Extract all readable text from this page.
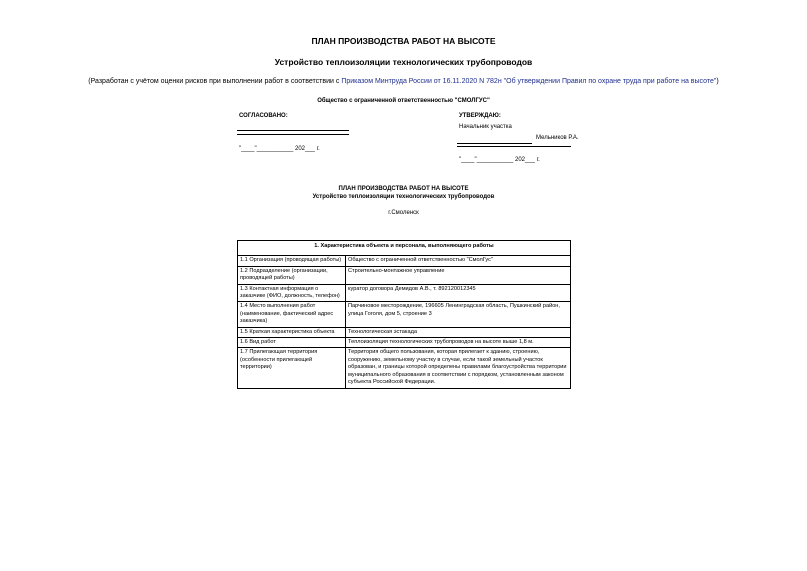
ПЛАН ПРОИЗВОДСТВА РАБОТ НА ВЫСОТЕ
Устройство теплоизоляции технологических трубопроводов
(Разработан с учётом оценки рисков при выполнении работ в соответствии с Приказом Минтруда России от 16.11.2020 N 782н "Об утверждении Правил по охране труда при работе на высоте")
Общество с ограниченной ответственностью "СМОЛГУС"
СОГЛАСОВАНО:
"____"___________ 202___ г.
УТВЕРЖДАЮ:
Начальник участка
Мельников Р.А.
"____"___________ 202___ г.
ПЛАН ПРОИЗВОДСТВА РАБОТ НА ВЫСОТЕ
Устройство теплоизоляции технологических трубопроводов
г.Смоленск
1. Характеристика объекта и персонала, выполняющего работы	
1.1 Организация (проводящая работы)	Общество с ограниченной ответственностью "СмолГус"
1.2 Подразделение (организации, проводящей работы)	Строительно-монтажное управление
1.3 Контактная информация о заказчике (ФИО, должность, телефон)	куратор договора Демидов А.В., т. 892120012345
1.4 Место выполнения работ (наименование, фактический адрес заказчика)	Парчиновое месторождение, 196605 Ленинградская область, Пушкинский район, улица Гоголя, дом 5, строение 3
1.5 Краткая характеристика объекта	Технологическая эстакада
1.6 Вид работ	Теплоизоляция технологических трубопроводов на высоте выше 1,8 м.
1.7 Прилегающая территория (особенности прилегающей территории)	Территория общего пользования, которая прилегает к зданию, строению, сооружению, земельному участку в случае, если такой земельный участок образован, и границы которой определены правилами благоустройства территории муниципального образования в соответствии с порядком, установленным законом субъекта Российской Федерации.
